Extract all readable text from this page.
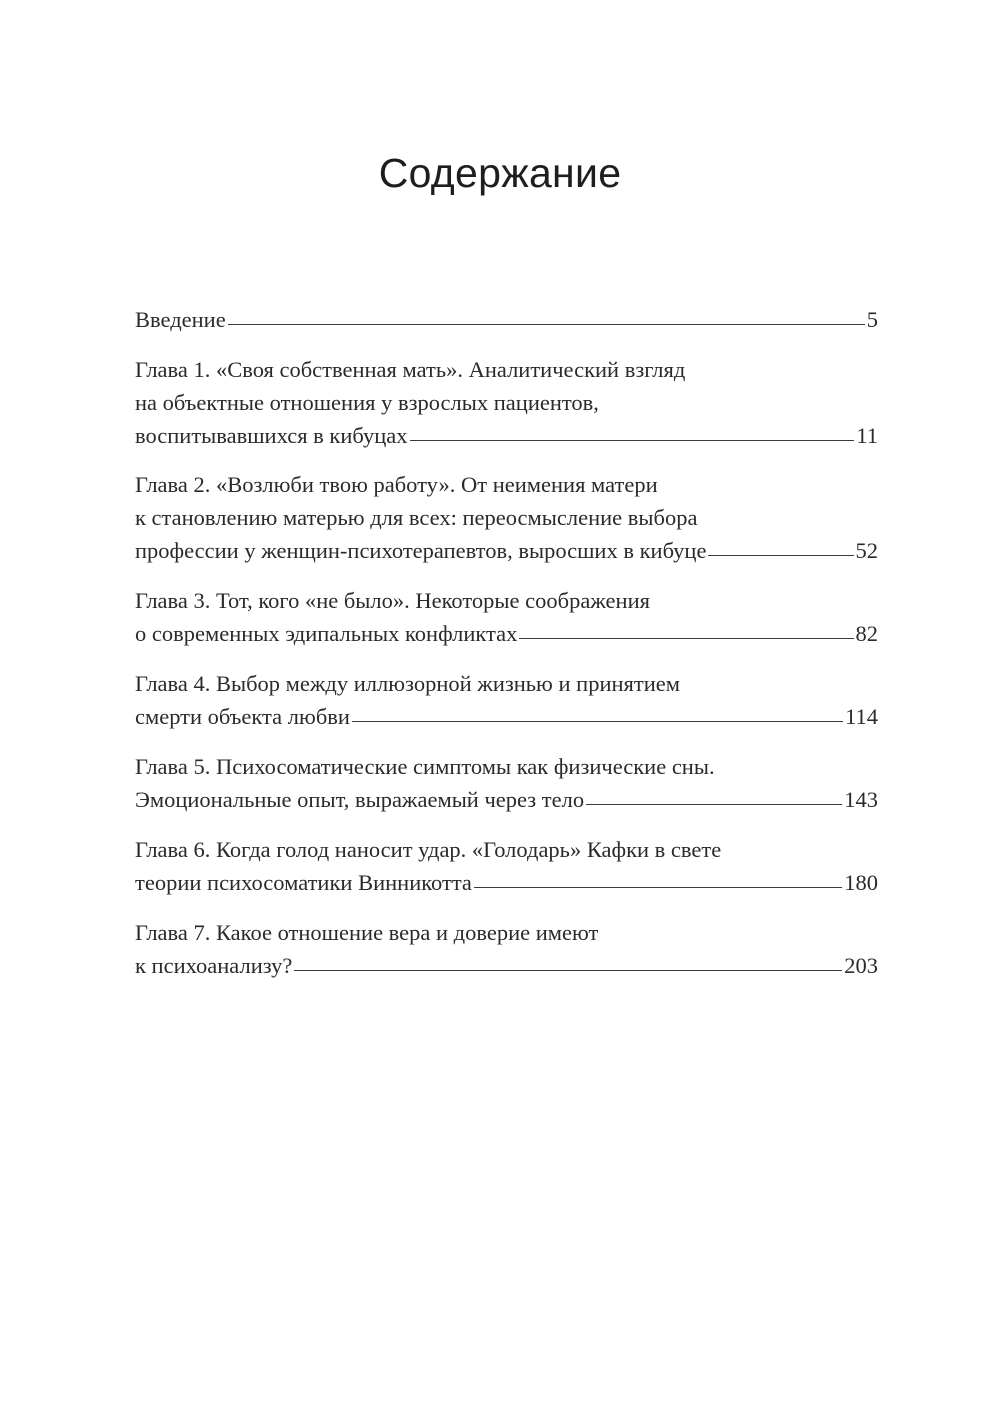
Содержание
Введение	5
Глава 1. «Своя собственная мать». Аналитический взгляд
на объектные отношения у взрослых пациентов,
воспитывавшихся в кибуцах	11
Глава 2. «Возлюби твою работу». От неимения матери
к становлению матерью для всех: переосмысление выбора
профессии у женщин-психотерапевтов, выросших в кибуце	52
Глава 3. Тот, кого «не было». Некоторые соображения
о современных эдипальных конфликтах	82
Глава 4. Выбор между иллюзорной жизнью и принятием
смерти объекта любви	114
Глава 5. Психосоматические симптомы как физические сны.
Эмоциональные опыт, выражаемый через тело	143
Глава 6. Когда голод наносит удар. «Голодарь» Кафки в свете
теории психосоматики Винникотта	180
Глава 7. Какое отношение вера и доверие имеют
к психоанализу?	203
